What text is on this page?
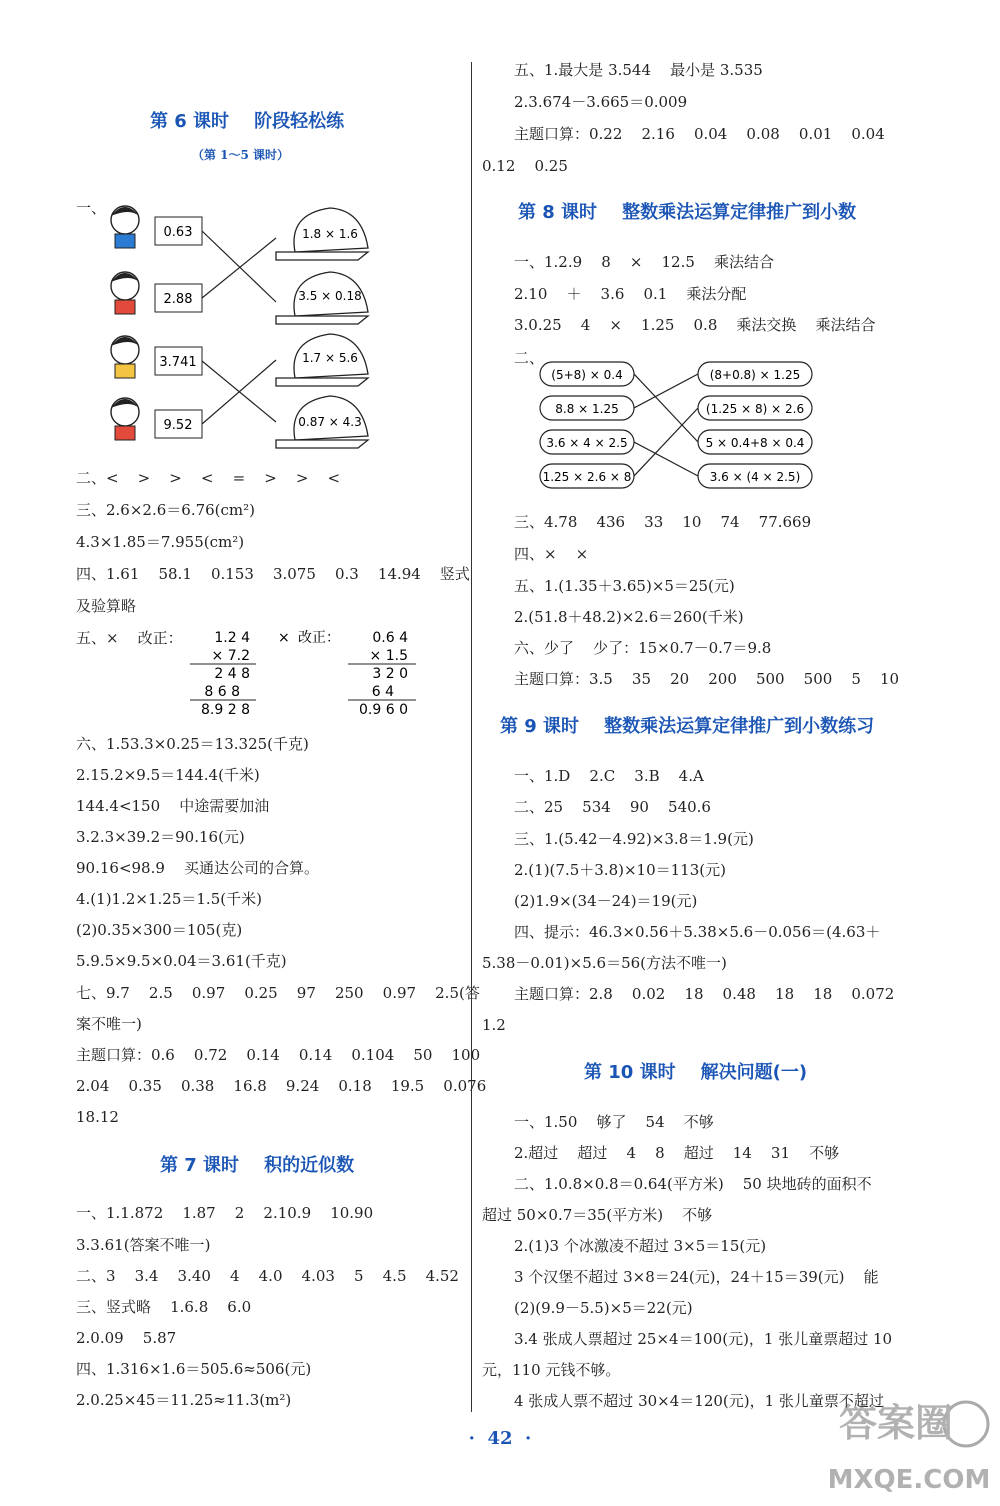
第 6 课时    阶段轻松练
（第 1～5 课时）
一、
0.63
2.88
3.741
9.52
1.8 × 1.6
3.5 × 0.18
1.7 × 5.6
0.87 × 4.3
二、<    >    >    <    =    >    >    <
三、2.6×2.6＝6.76(cm²)
4.3×1.85＝7.955(cm²)
四、1.61    58.1    0.153    3.075    0.3    14.94    竖式
及验算略
五、×    改正： 1.2 4
× 7.2
2 4 8
8 6 8
8.9 2 8
× 改正： 0.6 4
× 1.5
3 2 0
6 4
0.9 6 0
六、1.53.3×0.25＝13.325(千克)
2.15.2×9.5＝144.4(千米)
144.4<150    中途需要加油
3.2.3×39.2＝90.16(元)
90.16<98.9    买通达公司的合算。
4.(1)1.2×1.25＝1.5(千米)
(2)0.35×300＝105(克)
5.9.5×9.5×0.04＝3.61(千克)
七、9.7    2.5    0.97    0.25    97    250    0.97    2.5(答
案不唯一)
主题口算：0.6    0.72    0.14    0.14    0.104    50    100
2.04    0.35    0.38    16.8    9.24    0.18    19.5    0.076
18.12
第 7 课时    积的近似数
一、1.1.872    1.87    2    2.10.9    10.90
3.3.61(答案不唯一)
二、3    3.4    3.40    4    4.0    4.03    5    4.5    4.52
三、竖式略    1.6.8    6.0
2.0.09    5.87
四、1.316×1.6＝505.6≈506(元)
2.0.25×45＝11.25≈11.3(m²)
五、1.最大是 3.544    最小是 3.535
2.3.674－3.665＝0.009
主题口算：0.22    2.16    0.04    0.08    0.01    0.04
0.12    0.25
第 8 课时    整数乘法运算定律推广到小数
一、1.2.9    8    ×    12.5    乘法结合
2.10    ＋    3.6    0.1    乘法分配
3.0.25    4    ×    1.25    0.8    乘法交换    乘法结合
二、
(5+8) × 0.4
8.8 × 1.25
3.6 × 4 × 2.5
1.25 × 2.6 × 8
(8+0.8) × 1.25
(1.25 × 8) × 2.6
5 × 0.4+8 × 0.4
3.6 × (4 × 2.5)
三、4.78    436    33    10    74    77.669
四、×    ×
五、1.(1.35＋3.65)×5＝25(元)
2.(51.8＋48.2)×2.6＝260(千米)
六、少了    少了：15×0.7－0.7＝9.8
主题口算：3.5    35    20    200    500    500    5    10
第 9 课时    整数乘法运算定律推广到小数练习
一、1.D    2.C    3.B    4.A
二、25    534    90    540.6
三、1.(5.42－4.92)×3.8＝1.9(元)
2.(1)(7.5＋3.8)×10＝113(元)
(2)1.9×(34－24)＝19(元)
四、提示：46.3×0.56＋5.38×5.6－0.056＝(4.63＋
5.38－0.01)×5.6＝56(方法不唯一)
主题口算：2.8    0.02    18    0.48    18    18    0.072
1.2
第 10 课时    解决问题(一)
一、1.50    够了    54    不够
2.超过    超过    4    8    超过    14    31    不够
二、1.0.8×0.8＝0.64(平方米)    50 块地砖的面积不
超过 50×0.7＝35(平方米)    不够
2.(1)3 个冰激凌不超过 3×5＝15(元)
3 个汉堡不超过 3×8＝24(元)，24＋15＝39(元)    能
(2)(9.9－5.5)×5＝22(元)
3.4 张成人票超过 25×4＝100(元)，1 张儿童票超过 10
元，110 元钱不够。
4 张成人票不超过 30×4＝120(元)，1 张儿童票不超过
·  42  ·	答案圈
MXQE.COM
